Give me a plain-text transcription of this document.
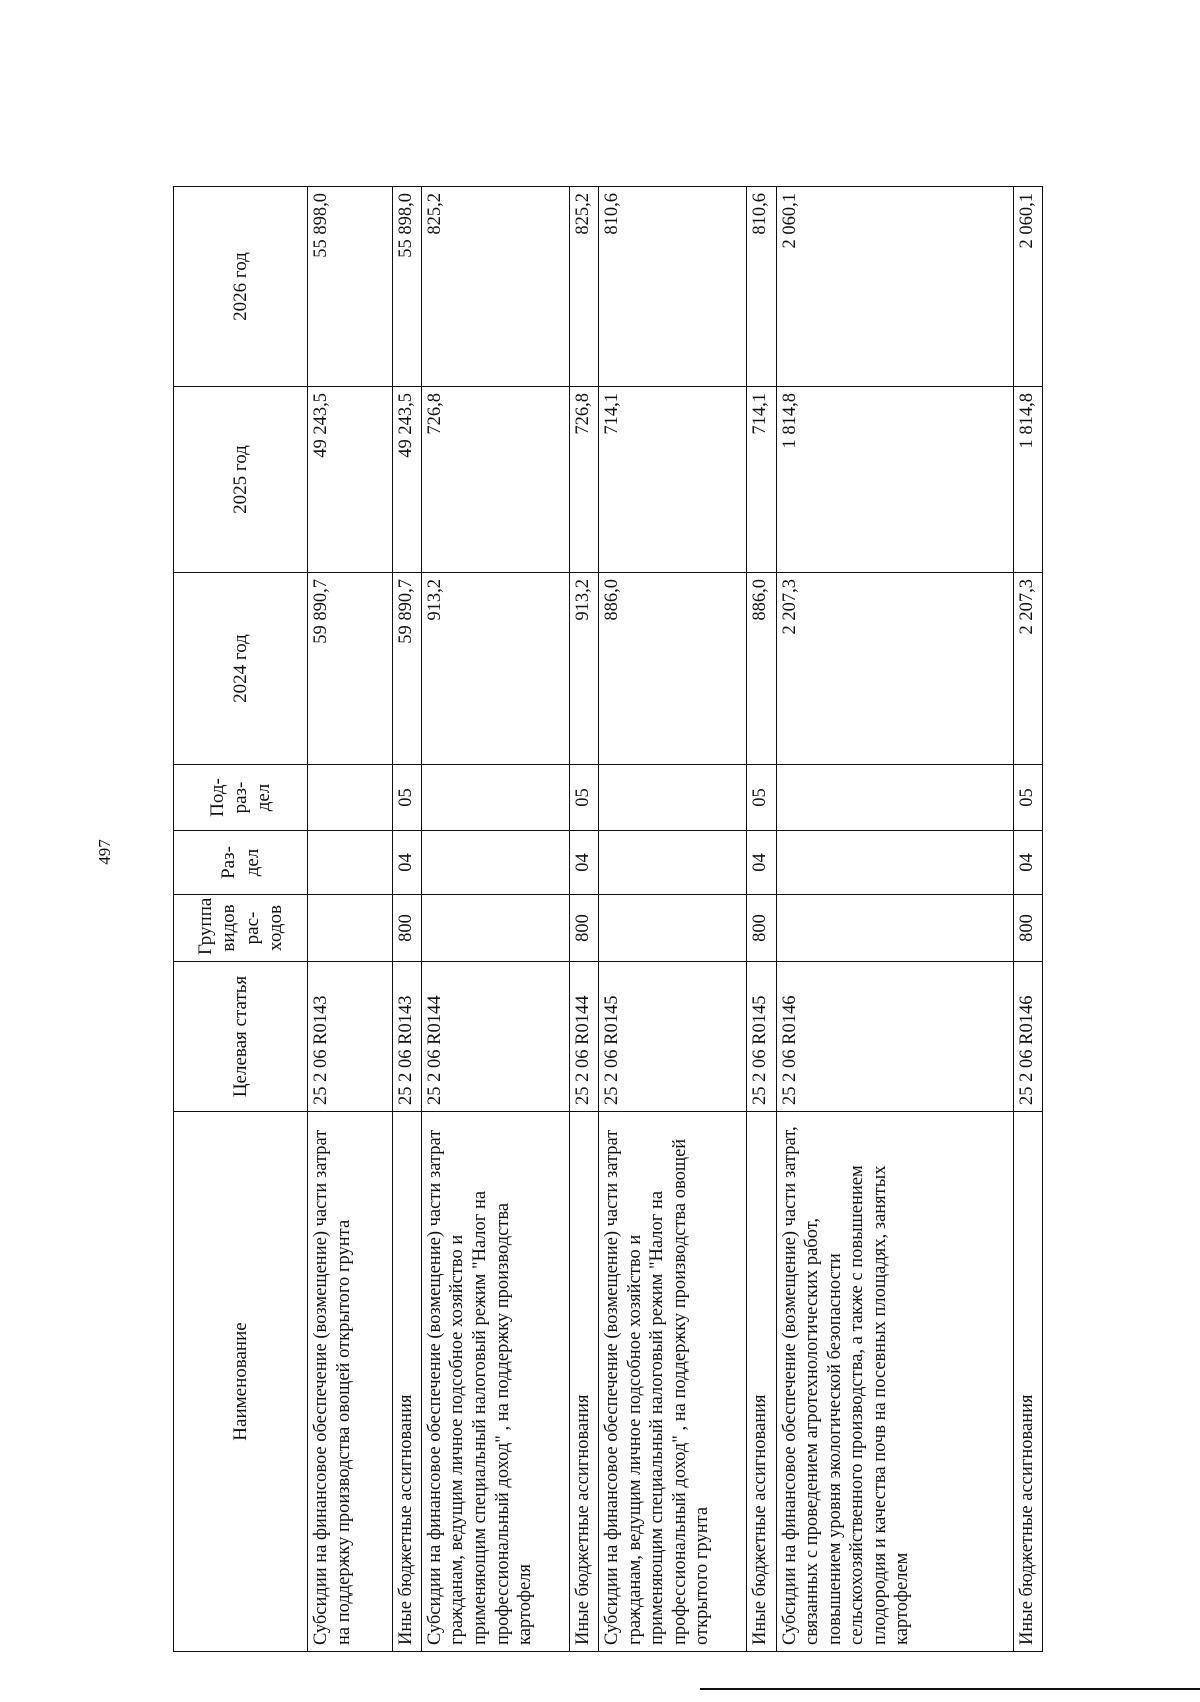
497
Наименование	Целевая статья	Группа видов рас-ходов	Раз-дел	Под-раз-дел	2024 год	2025 год	2026 год
Субсидии на финансовое обеспечение (возмещение) части затрат на поддержку производства овощей открытого грунта	25 2 06 R0143				59 890,7	49 243,5	55 898,0
Иные бюджетные ассигнования	25 2 06 R0143	800	04	05	59 890,7	49 243,5	55 898,0
Субсидии на финансовое обеспечение (возмещение) части затрат гражданам, ведущим личное подсобное хозяйство и применяющим специальный налоговый режим "Налог на профессиональный доход" , на поддержку производства картофеля	25 2 06 R0144				913,2	726,8	825,2
Иные бюджетные ассигнования	25 2 06 R0144	800	04	05	913,2	726,8	825,2
Субсидии на финансовое обеспечение (возмещение) части затрат гражданам, ведущим личное подсобное хозяйство и применяющим специальный налоговый режим "Налог на профессиональный доход" , на поддержку производства овощей открытого грунта	25 2 06 R0145				886,0	714,1	810,6
Иные бюджетные ассигнования	25 2 06 R0145	800	04	05	886,0	714,1	810,6
Субсидии на финансовое обеспечение (возмещение) части затрат, связанных с проведением агротехнологических работ, повышением уровня экологической безопасности сельскохозяйственного производства, а также с повышением плодородия и качества почв на посевных площадях, занятых картофелем	25 2 06 R0146				2 207,3	1 814,8	2 060,1
Иные бюджетные ассигнования	25 2 06 R0146	800	04	05	2 207,3	1 814,8	2 060,1
